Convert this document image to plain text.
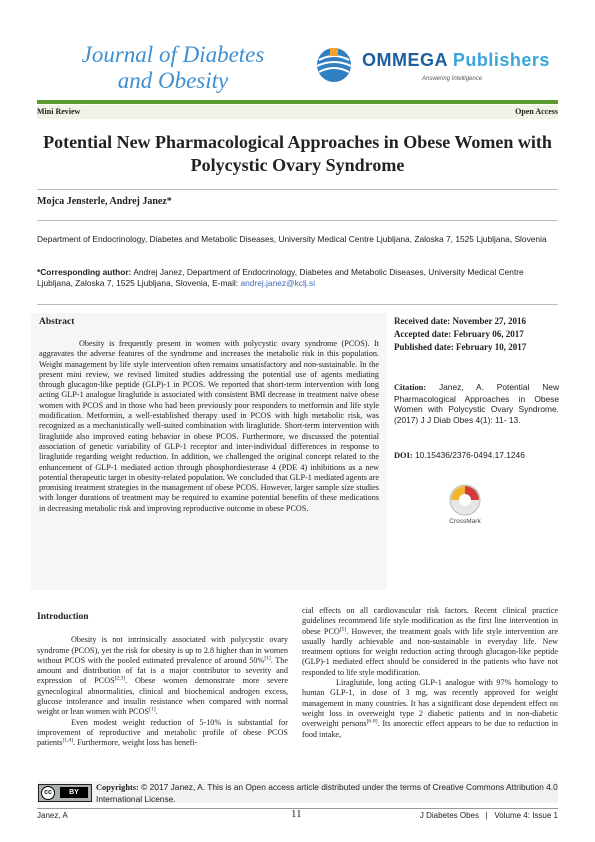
Journal of Diabetes
and Obesity
OMMEGA Publishers
Answering Intelligence
Mini Review	Open Access
Potential New Pharmacological Approaches in Obese Women with Polycystic Ovary Syndrome
Mojca Jensterle, Andrej Janez*
Department of Endocrinology, Diabetes and Metabolic Diseases, University Medical Centre Ljubljana, Zaloska 7, 1525 Ljubljana, Slovenia
*Corresponding author: Andrej Janez, Department of Endocrinology, Diabetes and Metabolic Diseases, University Medical Centre Ljubljana, Zaloska 7, 1525 Ljubljana, Slovenia, E-mail: andrej.janez@kclj.si
Abstract

Obesity is frequently present in women with polycystic ovary syndrome (PCOS). It aggravates the adverse features of the syndrome and increases the metabolic risk in this population. Weight management by life style intervention often remains unsatisfactory and non-sustainable. In the present mini review, we revised limited studies addressing the potential use of agents mediating through glucagon-like peptide (GLP)-1 in PCOS. We reported that short-term intervention with long acting GLP-1 analogue liraglutide is associated with consistent BMI decrease in treatment naive obese women with PCOS and in those who had been previously poor responders to metformin and life style modification. Metformin, a well-established therapy used in PCOS with high metabolic risk, was recognized as a mechanistically well-suited combination with liraglutide. Short-term intervention with liraglutide also improved eating behavior in obese PCOS. Furthermore, we discussed the potential association of genetic variability of GLP-1 receptor and inter-individual differences in response to liraglutide regarding weight reduction. In addition, we challenged the original concept related to the enhancement of GLP-1 mediated action through phosphordiesterase 4 (PDE 4) inhibitions as a new potential therapeutic target in obesity-related population. We concluded that GLP-1 mediated agents are promising treatment strategies in the management of obese PCOS. However, larger sample size studies with longer durations of treatment may be required to examine potential benefits of these medications in decreasing metabolic risk and improving reproductive outcome in obese PCOS.

Received date: November 27, 2016
Accepted date: February 06, 2017
Published date: February 10, 2017
Citation: Janez, A. Potential New Pharmacological Approaches in Obese Women with Polycystic Ovary Syndrome. (2017) J J Diab Obes 4(1): 11- 13.
DOI: 10.15436/2376-0494.17.1246
CrossMark
Introduction

Obesity is not intrinsically associated with polycystic ovary syndrome (PCOS), yet the risk for obesity is up to 2.8 higher than in women without PCOS with the pooled estimated prevalence of around 50%[1]. The amount and distribution of fat is a major contributor to severity and expression of PCOS[2,3]. Obese women demonstrate more severe gynecological abnormalities, clinical and biochemical androgen excess, glucose intolerance and insulin resistance when compared with normal weight or lean women with PCOS[1].

Even modest weight reduction of 5-10% is substantial for improvement of reproductive and metabolic profile of obese PCOS patients[1,4]. Furthermore, weight loss has benefi-

cial effects on all cardiovascular risk factors. Recent clinical practice guidelines recommend life style modification as the first line intervention in obese PCO[5]. However, the treatment goals with life style intervention are usually hardly achievable and non-sustainable in everyday life. New treatment options for weight reduction acting through glucagon-like peptide (GLP)-1 mediated effect should be considered in the patients who have not responded to life style modification.

Liraglutide, long acting GLP-1 analogue with 97% homology to human GLP-1, in dose of 3 mg, was recently approved for weight management in many countries. It has a significant dose dependent effect on weight loss in overweight type 2 diabetic patients and in non-diabetic overweight persons[6-8]. Its anorectic effect appears to be due to reduction in food intake,

cc	BY
Copyrights: © 2017 Janez, A. This is an Open access article distributed under the terms of Creative Commons Attribution 4.0 International License.
Janez, A	11	J Diabetes Obes   |   Volume 4: Issue 1
